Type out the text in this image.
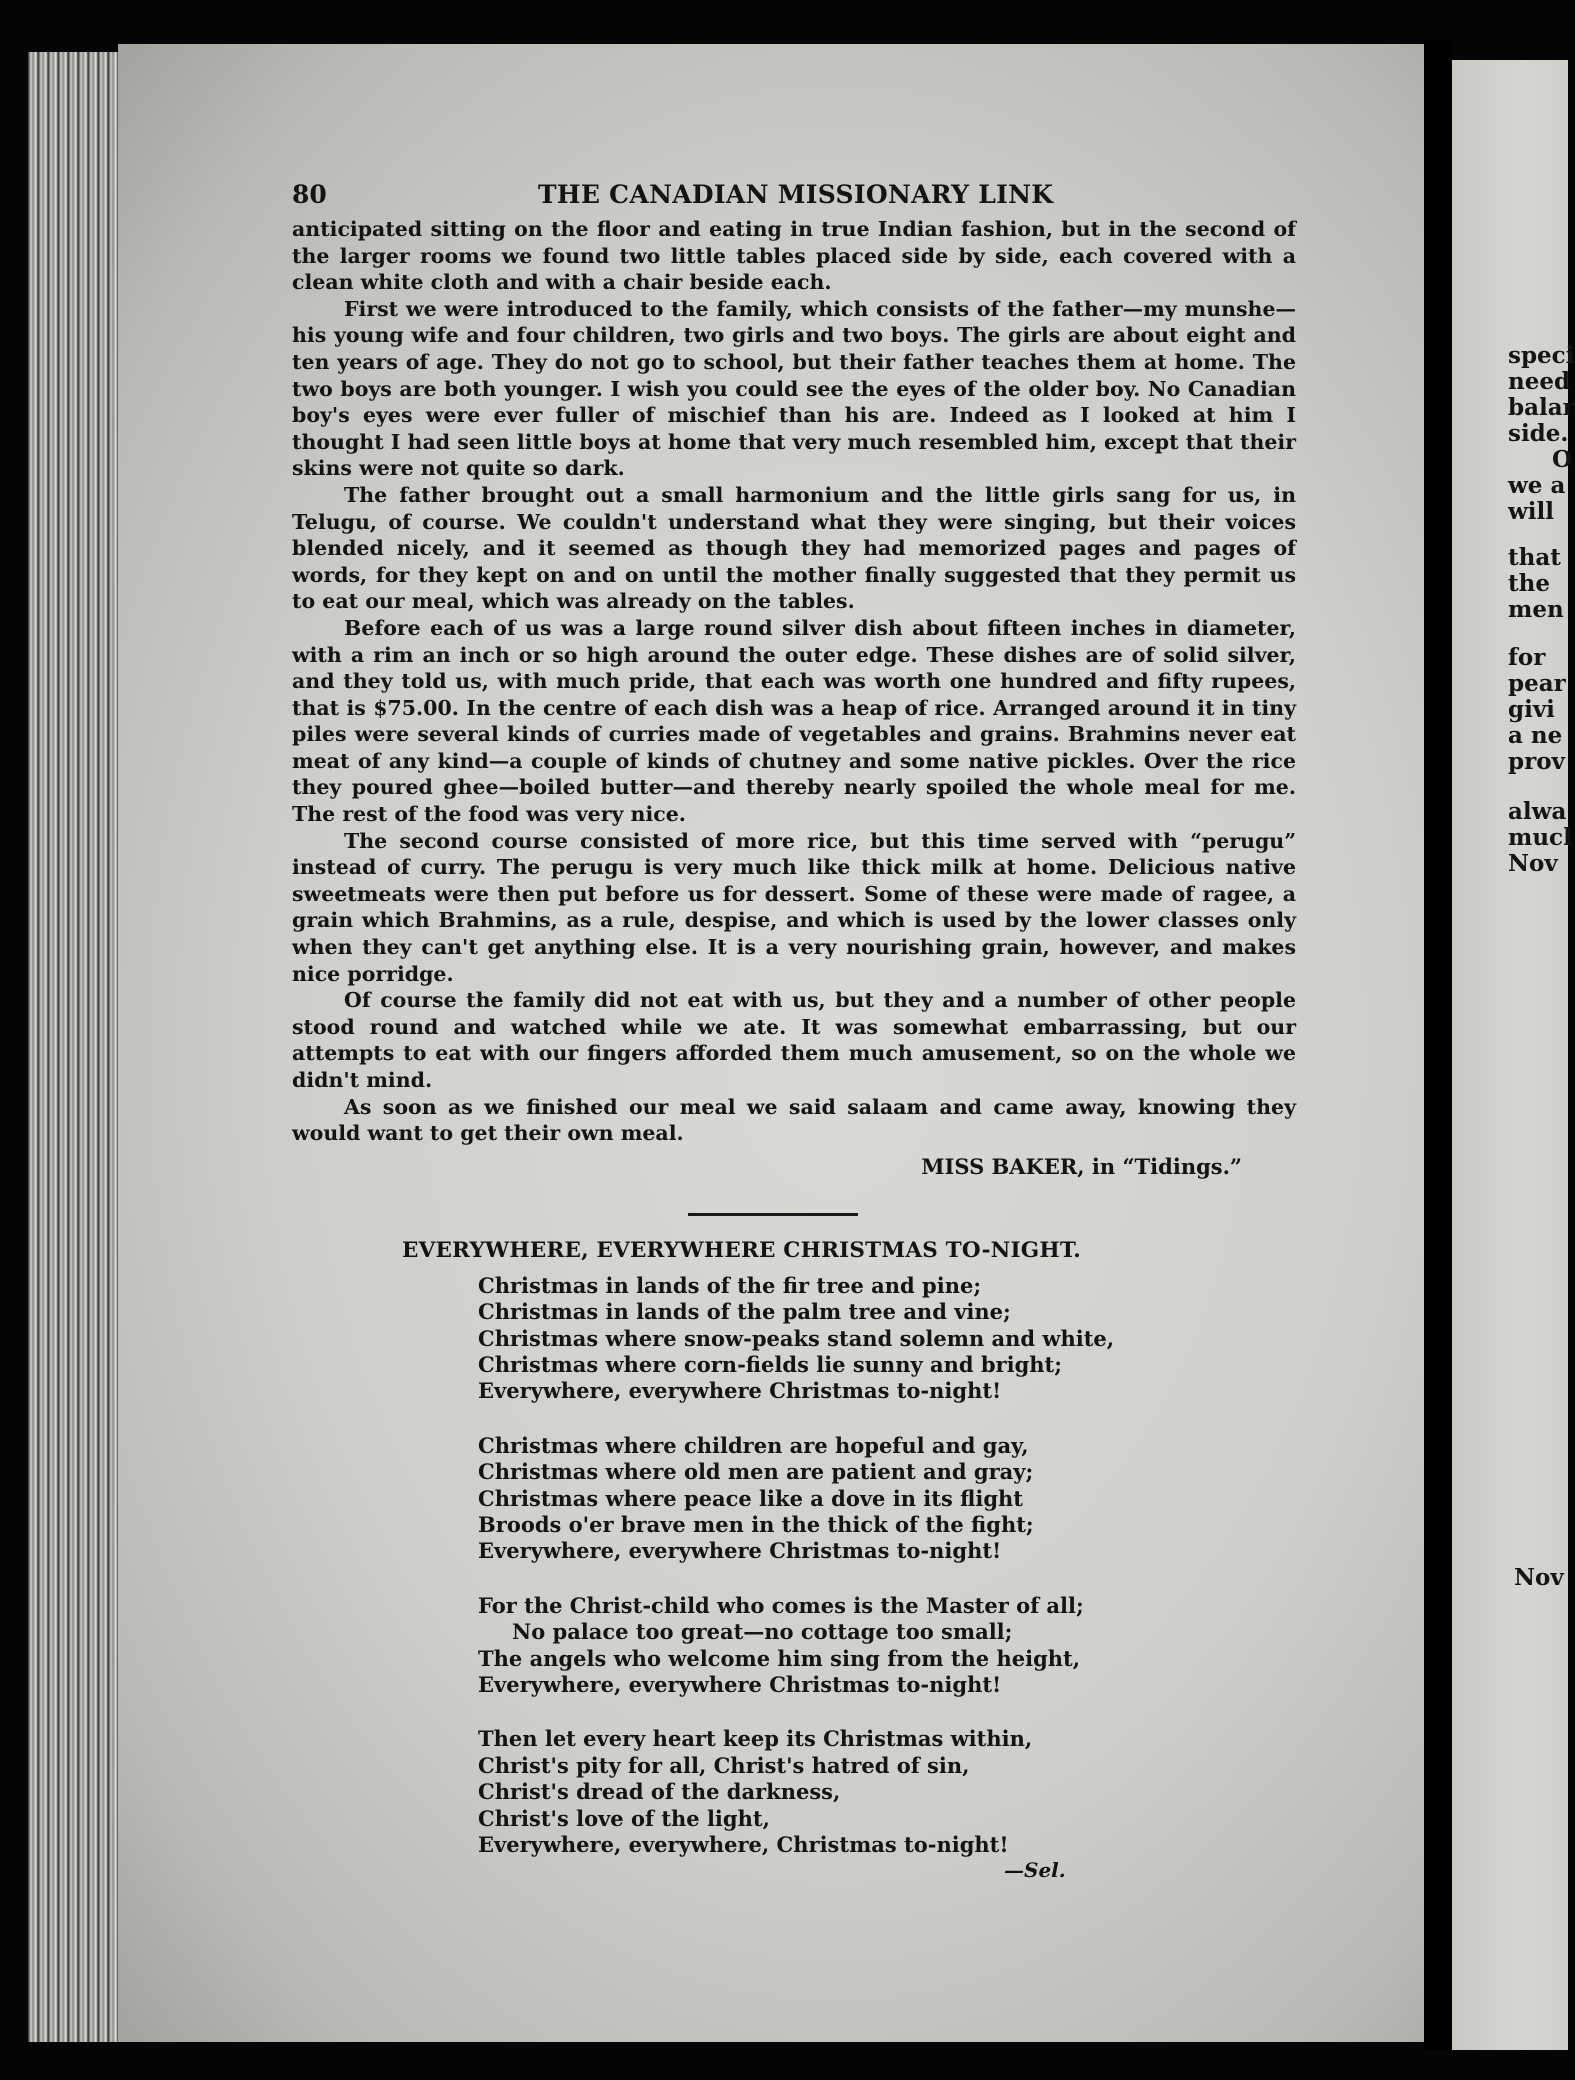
80	THE CANADIAN MISSIONARY LINK

anticipated sitting on the floor and eating in true Indian fashion, but in the second of the larger rooms we found two little tables placed side by side, each covered with a clean white cloth and with a chair beside each.

First we were introduced to the family, which consists of the father—my munshe—his young wife and four children, two girls and two boys. The girls are about eight and ten years of age. They do not go to school, but their father teaches them at home. The two boys are both younger. I wish you could see the eyes of the older boy. No Canadian boy's eyes were ever fuller of mischief than his are. Indeed as I looked at him I thought I had seen little boys at home that very much resembled him, except that their skins were not quite so dark.

The father brought out a small harmonium and the little girls sang for us, in Telugu, of course. We couldn't understand what they were singing, but their voices blended nicely, and it seemed as though they had memorized pages and pages of words, for they kept on and on until the mother finally suggested that they permit us to eat our meal, which was already on the tables.

Before each of us was a large round silver dish about fifteen inches in diameter, with a rim an inch or so high around the outer edge. These dishes are of solid silver, and they told us, with much pride, that each was worth one hundred and fifty rupees, that is $75.00. In the centre of each dish was a heap of rice. Arranged around it in tiny piles were several kinds of curries made of vegetables and grains. Brahmins never eat meat of any kind—a couple of kinds of chutney and some native pickles. Over the rice they poured ghee—boiled butter—and thereby nearly spoiled the whole meal for me. The rest of the food was very nice.

The second course consisted of more rice, but this time served with “perugu” instead of curry. The perugu is very much like thick milk at home. Delicious native sweetmeats were then put before us for dessert. Some of these were made of ragee, a grain which Brahmins, as a rule, despise, and which is used by the lower classes only when they can't get anything else. It is a very nourishing grain, however, and makes nice porridge.

Of course the family did not eat with us, but they and a number of other people stood round and watched while we ate. It was somewhat embarrassing, but our attempts to eat with our fingers afforded them much amusement, so on the whole we didn't mind.

As soon as we finished our meal we said salaam and came away, knowing they would want to get their own meal.

MISS BAKER, in “Tidings.”
EVERYWHERE, EVERYWHERE CHRISTMAS TO-NIGHT.
Christmas in lands of the fir tree and pine;
Christmas in lands of the palm tree and vine;
Christmas where snow-peaks stand solemn and white,
Christmas where corn-fields lie sunny and bright;
Everywhere, everywhere Christmas to-night!
Christmas where children are hopeful and gay,
Christmas where old men are patient and gray;
Christmas where peace like a dove in its flight
Broods o'er brave men in the thick of the fight;
Everywhere, everywhere Christmas to-night!
For the Christ-child who comes is the Master of all;
No palace too great—no cottage too small;
The angels who welcome him sing from the height,
Everywhere, everywhere Christmas to-night!
Then let every heart keep its Christmas within,
Christ's pity for all, Christ's hatred of sin,
Christ's dread of the darkness,
Christ's love of the light,
Everywhere, everywhere, Christmas to-night!
—Sel.
speci
need
balar
side.
O
we a
will
that
the
men
for
pear
givi
a ne
prov
alwa
mucl
Nov
Nov
